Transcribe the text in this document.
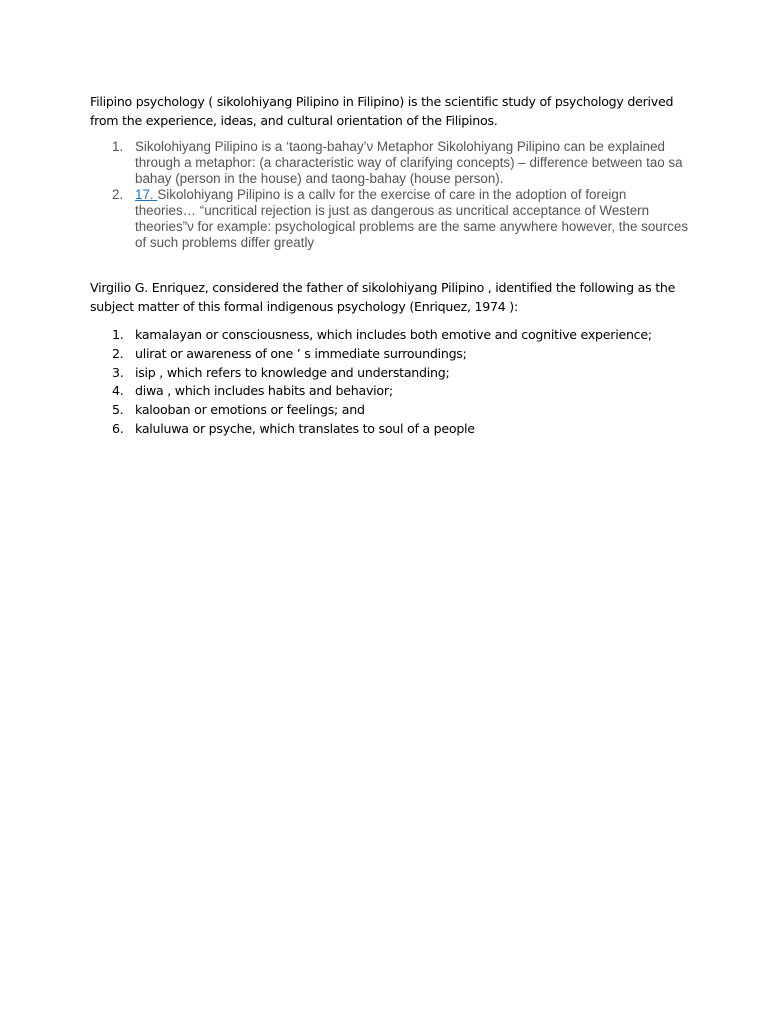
Filipino psychology ( sikolohiyang Pilipino in Filipino) is the scientific study of psychology derived from the experience, ideas, and cultural orientation of the Filipinos.
1. Sikolohiyang Pilipino is a ‘taong-bahay’ν Metaphor Sikolohiyang Pilipino can be explained through a metaphor: (a characteristic way of clarifying concepts) – difference between tao sa bahay (person in the house) and taong-bahay (house person).
2. 17. Sikolohiyang Pilipino is a callν for the exercise of care in the adoption of foreign theories… “uncritical rejection is just as dangerous as uncritical acceptance of Western theories”ν for example: psychological problems are the same anywhere however, the sources of such problems differ greatly
Virgilio G. Enriquez, considered the father of sikolohiyang Pilipino , identified the following as the subject matter of this formal indigenous psychology (Enriquez, 1974 ):
1. kamalayan or consciousness, which includes both emotive and cognitive experience;
2. ulirat or awareness of one ’ s immediate surroundings;
3. isip , which refers to knowledge and understanding;
4. diwa , which includes habits and behavior;
5. kalooban or emotions or feelings; and
6. kaluluwa or psyche, which translates to soul of a people
